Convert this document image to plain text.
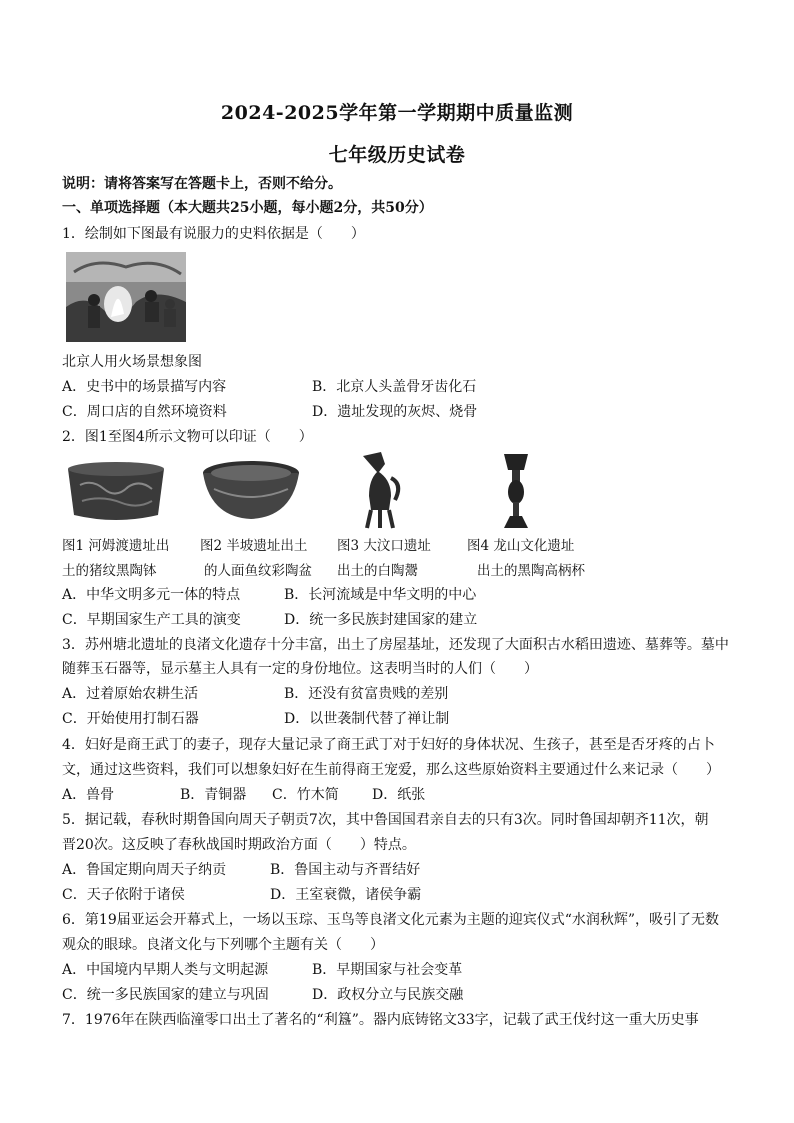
2024-2025学年第一学期期中质量监测
七年级历史试卷
说明：请将答案写在答题卡上，否则不给分。
一、单项选择题（本大题共25小题，每小题2分，共50分）
1．绘制如下图最有说服力的史料依据是（　　）
北京人用火场景想象图
A．史书中的场景描写内容	B．北京人头盖骨牙齿化石
C．周口店的自然环境资料	D．遗址发现的灰烬、烧骨
2．图1至图4所示文物可以印证（　　）
图1 河姆渡遗址出
土的猪纹黑陶钵
图2 半坡遗址出土
的人面鱼纹彩陶盆
图3 大汶口遗址
出土的白陶鬶
图4 龙山文化遗址
出土的黑陶高柄杯
A．中华文明多元一体的特点	B．长河流域是中华文明的中心
C．早期国家生产工具的演变	D．统一多民族封建国家的建立
3．苏州塘北遗址的良渚文化遗存十分丰富，出土了房屋基址，还发现了大面积古水稻田遗迹、墓葬等。墓中
随葬玉石器等，显示墓主人具有一定的身份地位。这表明当时的人们（　　）
A．过着原始农耕生活	B．还没有贫富贵贱的差别
C．开始使用打制石器	D．以世袭制代替了禅让制
4．妇好是商王武丁的妻子，现存大量记录了商王武丁对于妇好的身体状况、生孩子，甚至是否牙疼的占卜
文，通过这些资料，我们可以想象妇好在生前得商王宠爱，那么这些原始资料主要通过什么来记录（　　）
A．兽骨	B．青铜器 C．竹木简 D．纸张
5．据记载，春秋时期鲁国向周天子朝贡7次，其中鲁国国君亲自去的只有3次。同时鲁国却朝齐11次，朝
晋20次。这反映了春秋战国时期政治方面（　　）特点。
A．鲁国定期向周天子纳贡	B．鲁国主动与齐晋结好
C．天子依附于诸侯	D．王室衰微，诸侯争霸
6．第19届亚运会开幕式上，一场以玉琮、玉鸟等良渚文化元素为主题的迎宾仪式“水润秋辉”，吸引了无数
观众的眼球。良渚文化与下列哪个主题有关（　　）
A．中国境内早期人类与文明起源	B．早期国家与社会变革
C．统一多民族国家的建立与巩固	D．政权分立与民族交融
7．1976年在陕西临潼零口出土了著名的“利簋”。器内底铸铭文33字，记载了武王伐纣这一重大历史事
